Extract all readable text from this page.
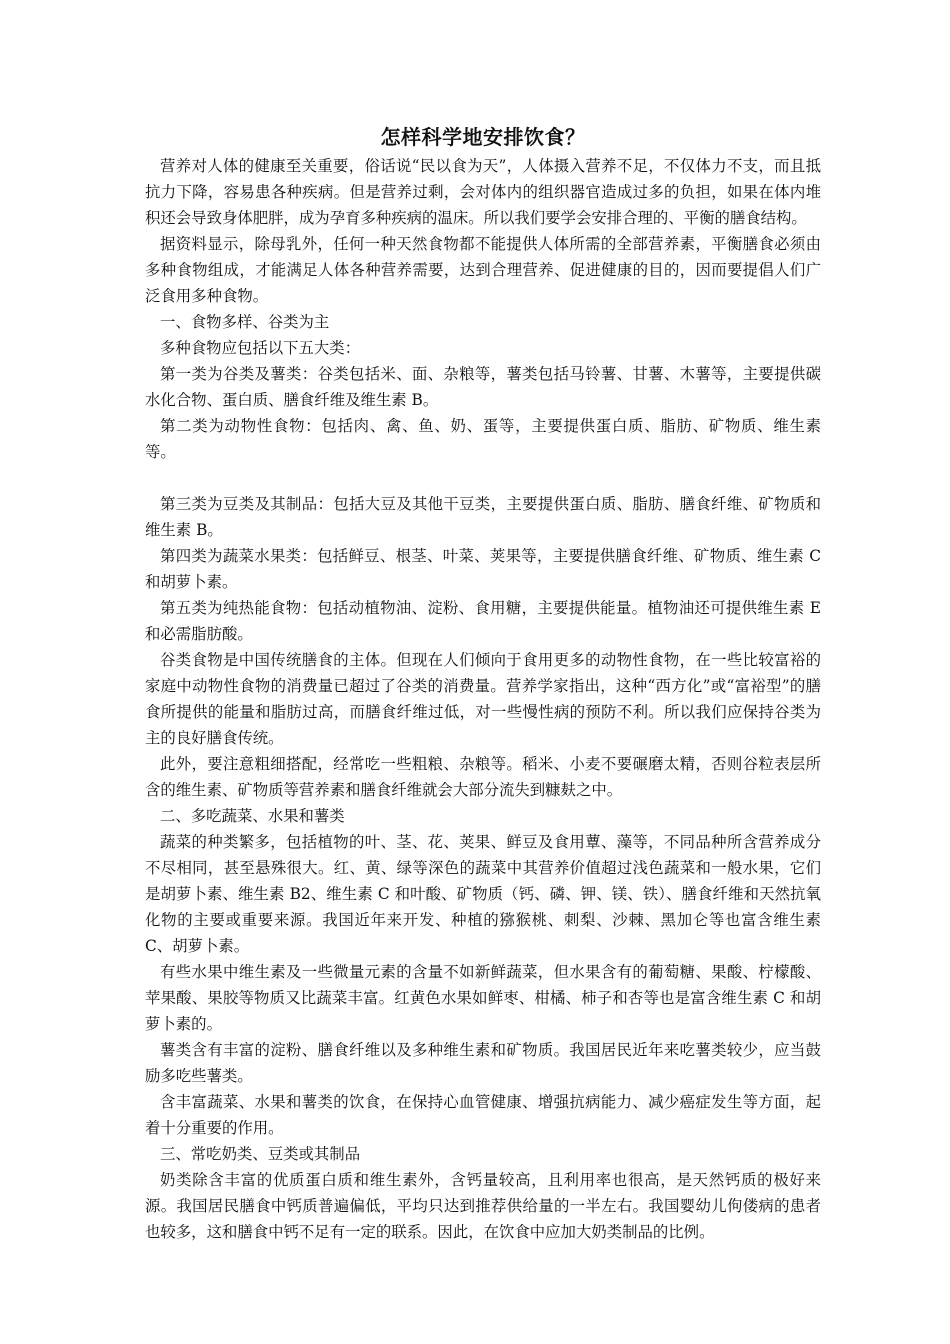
怎样科学地安排饮食？

营养对人体的健康至关重要，俗话说“民以食为天”，人体摄入营养不足，不仅体力不支，而且抵抗力下降，容易患各种疾病。但是营养过剩，会对体内的组织器官造成过多的负担，如果在体内堆积还会导致身体肥胖，成为孕育多种疾病的温床。所以我们要学会安排合理的、平衡的膳食结构。

据资料显示，除母乳外，任何一种天然食物都不能提供人体所需的全部营养素，平衡膳食必须由多种食物组成，才能满足人体各种营养需要，达到合理营养、促进健康的目的，因而要提倡人们广泛食用多种食物。

一、食物多样、谷类为主

多种食物应包括以下五大类：

第一类为谷类及薯类：谷类包括米、面、杂粮等，薯类包括马铃薯、甘薯、木薯等，主要提供碳水化合物、蛋白质、膳食纤维及维生素 B。

第二类为动物性食物：包括肉、禽、鱼、奶、蛋等，主要提供蛋白质、脂肪、矿物质、维生素等。

第三类为豆类及其制品：包括大豆及其他干豆类，主要提供蛋白质、脂肪、膳食纤维、矿物质和维生素 B。

第四类为蔬菜水果类：包括鲜豆、根茎、叶菜、荚果等，主要提供膳食纤维、矿物质、维生素 C 和胡萝卜素。

第五类为纯热能食物：包括动植物油、淀粉、食用糖，主要提供能量。植物油还可提供维生素 E 和必需脂肪酸。

谷类食物是中国传统膳食的主体。但现在人们倾向于食用更多的动物性食物，在一些比较富裕的家庭中动物性食物的消费量已超过了谷类的消费量。营养学家指出，这种“西方化”或“富裕型”的膳食所提供的能量和脂肪过高，而膳食纤维过低，对一些慢性病的预防不利。所以我们应保持谷类为主的良好膳食传统。

此外，要注意粗细搭配，经常吃一些粗粮、杂粮等。稻米、小麦不要碾磨太精，否则谷粒表层所含的维生素、矿物质等营养素和膳食纤维就会大部分流失到糠麸之中。

二、多吃蔬菜、水果和薯类

蔬菜的种类繁多，包括植物的叶、茎、花、荚果、鲜豆及食用蕈、藻等，不同品种所含营养成分不尽相同，甚至悬殊很大。红、黄、绿等深色的蔬菜中其营养价值超过浅色蔬菜和一般水果，它们是胡萝卜素、维生素 B2、维生素 C 和叶酸、矿物质（钙、磷、钾、镁、铁）、膳食纤维和天然抗氧化物的主要或重要来源。我国近年来开发、种植的猕猴桃、刺梨、沙棘、黑加仑等也富含维生素 C、胡萝卜素。

有些水果中维生素及一些微量元素的含量不如新鲜蔬菜，但水果含有的葡萄糖、果酸、柠檬酸、苹果酸、果胶等物质又比蔬菜丰富。红黄色水果如鲜枣、柑橘、柿子和杏等也是富含维生素 C 和胡萝卜素的。

薯类含有丰富的淀粉、膳食纤维以及多种维生素和矿物质。我国居民近年来吃薯类较少，应当鼓励多吃些薯类。

含丰富蔬菜、水果和薯类的饮食，在保持心血管健康、增强抗病能力、减少癌症发生等方面，起着十分重要的作用。

三、常吃奶类、豆类或其制品

奶类除含丰富的优质蛋白质和维生素外，含钙量较高，且利用率也很高，是天然钙质的极好来源。我国居民膳食中钙质普遍偏低，平均只达到推荐供给量的一半左右。我国婴幼儿佝偻病的患者也较多，这和膳食中钙不足有一定的联系。因此，在饮食中应加大奶类制品的比例。
